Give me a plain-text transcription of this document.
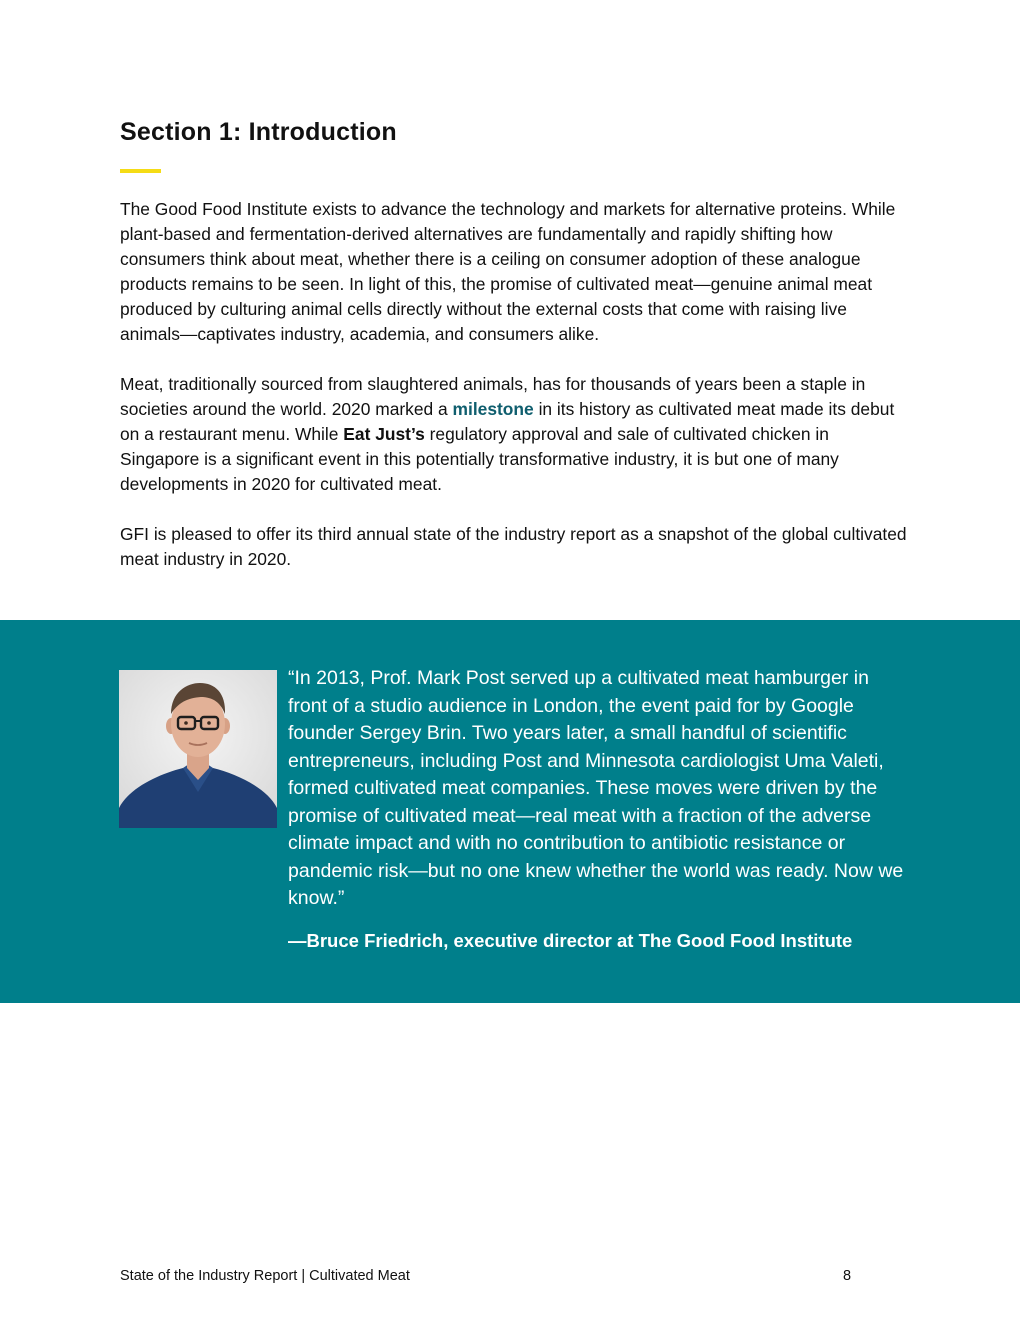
Section 1: Introduction

The Good Food Institute exists to advance the technology and markets for alternative proteins. While plant-based and fermentation-derived alternatives are fundamentally and rapidly shifting how consumers think about meat, whether there is a ceiling on consumer adoption of these analogue products remains to be seen. In light of this, the promise of cultivated meat—genuine animal meat produced by culturing animal cells directly without the external costs that come with raising live animals—captivates industry, academia, and consumers alike.

Meat, traditionally sourced from slaughtered animals, has for thousands of years been a staple in societies around the world. 2020 marked a milestone in its history as cultivated meat made its debut on a restaurant menu. While Eat Just’s regulatory approval and sale of cultivated chicken in Singapore is a significant event in this potentially transformative industry, it is but one of many developments in 2020 for cultivated meat.

GFI is pleased to offer its third annual state of the industry report as a snapshot of the global cultivated meat industry in 2020.

“In 2013, Prof. Mark Post served up a cultivated meat hamburger in front of a studio audience in London, the event paid for by Google founder Sergey Brin. Two years later, a small handful of scientific entrepreneurs, including Post and Minnesota cardiologist Uma Valeti, formed cultivated meat companies. These moves were driven by the promise of cultivated meat—real meat with a fraction of the adverse climate impact and with no contribution to antibiotic resistance or pandemic risk—but no one knew whether the world was ready. Now we know.”

—Bruce Friedrich, executive director at The Good Food Institute

State of the Industry Report | Cultivated Meat	8
